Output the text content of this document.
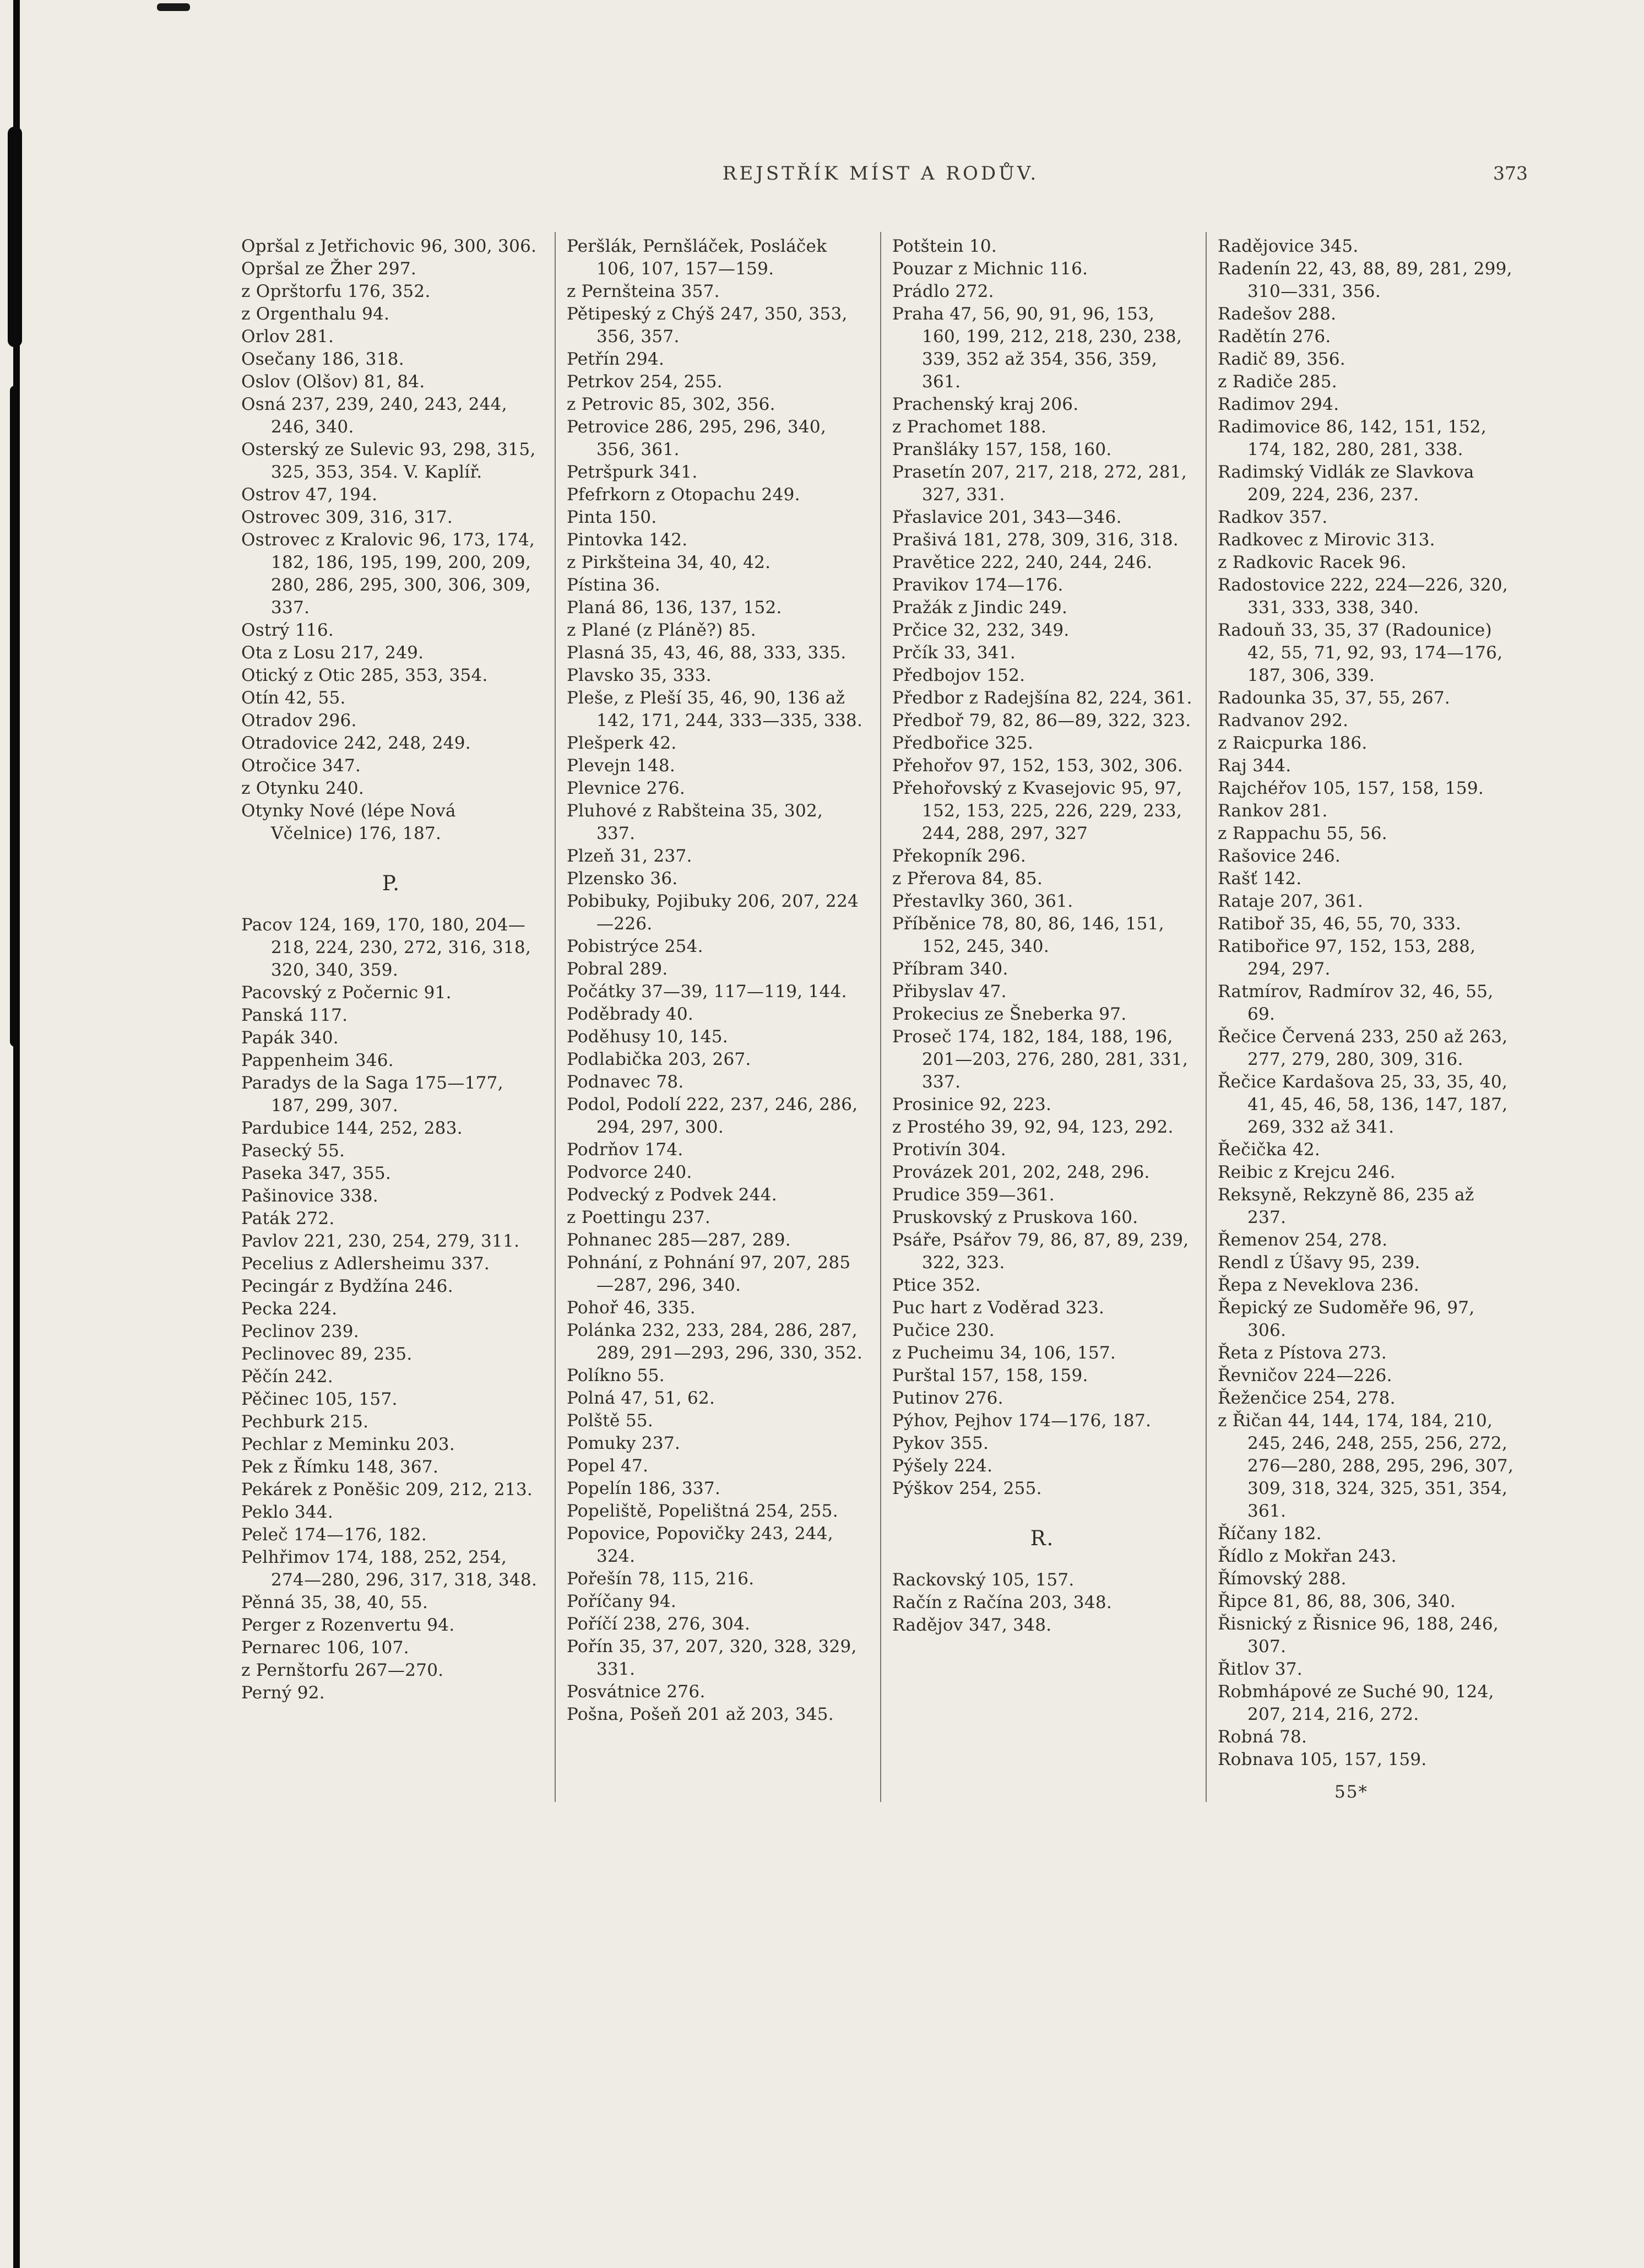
REJSTŘÍK MÍST A RODŮV.	373

Opršal z Jetřichovic 96, 300, 306.

Opršal ze Žher 297.

z Oprštorfu 176, 352.

z Orgenthalu 94.

Orlov 281.

Osečany 186, 318.

Oslov (Olšov) 81, 84.

Osná 237, 239, 240, 243, 244, 246, 340.

Osterský ze Sulevic 93, 298, 315, 325, 353, 354. V. Kaplíř.

Ostrov 47, 194.

Ostrovec 309, 316, 317.

Ostrovec z Kralovic 96, 173, 174, 182, 186, 195, 199, 200, 209, 280, 286, 295, 300, 306, 309, 337.

Ostrý 116.

Ota z Losu 217, 249.

Otický z Otic 285, 353, 354.

Otín 42, 55.

Otradov 296.

Otradovice 242, 248, 249.

Otročice 347.

z Otynku 240.

Otynky Nové (lépe Nová Včelnice) 176, 187.

P.

Pacov 124, 169, 170, 180, 204—218, 224, 230, 272, 316, 318, 320, 340, 359.

Pacovský z Počernic 91.

Panská 117.

Papák 340.

Pappenheim 346.

Paradys de la Saga 175—177, 187, 299, 307.

Pardubice 144, 252, 283.

Pasecký 55.

Paseka 347, 355.

Pašinovice 338.

Paták 272.

Pavlov 221, 230, 254, 279, 311.

Pecelius z Adlersheimu 337.

Pecingár z Bydžína 246.

Pecka 224.

Peclinov 239.

Peclinovec 89, 235.

Pěčín 242.

Pěčinec 105, 157.

Pechburk 215.

Pechlar z Meminku 203.

Pek z Římku 148, 367.

Pekárek z Poněšic 209, 212, 213.

Peklo 344.

Peleč 174—176, 182.

Pelhřimov 174, 188, 252, 254, 274—280, 296, 317, 318, 348.

Pěnná 35, 38, 40, 55.

Perger z Rozenvertu 94.

Pernarec 106, 107.

z Pernštorfu 267—270.

Perný 92.

Peršlák, Pernšláček, Posláček 106, 107, 157—159.

z Pernšteina 357.

Pětipeský z Chýš 247, 350, 353, 356, 357.

Petřín 294.

Petrkov 254, 255.

z Petrovic 85, 302, 356.

Petrovice 286, 295, 296, 340, 356, 361.

Petršpurk 341.

Pfefrkorn z Otopachu 249.

Pinta 150.

Pintovka 142.

z Pirkšteina 34, 40, 42.

Pístina 36.

Planá 86, 136, 137, 152.

z Plané (z Pláně?) 85.

Plasná 35, 43, 46, 88, 333, 335.

Plavsko 35, 333.

Pleše, z Pleší 35, 46, 90, 136 až 142, 171, 244, 333—335, 338.

Plešperk 42.

Plevejn 148.

Plevnice 276.

Pluhové z Rabšteina 35, 302, 337.

Plzeň 31, 237.

Plzensko 36.

Pobibuky, Pojibuky 206, 207, 224—226.

Pobistrýce 254.

Pobral 289.

Počátky 37—39, 117—119, 144.

Poděbrady 40.

Poděhusy 10, 145.

Podlabička 203, 267.

Podnavec 78.

Podol, Podolí 222, 237, 246, 286, 294, 297, 300.

Podrňov 174.

Podvorce 240.

Podvecký z Podvek 244.

z Poettingu 237.

Pohnanec 285—287, 289.

Pohnání, z Pohnání 97, 207, 285—287, 296, 340.

Pohoř 46, 335.

Polánka 232, 233, 284, 286, 287, 289, 291—293, 296, 330, 352.

Políkno 55.

Polná 47, 51, 62.

Polště 55.

Pomuky 237.

Popel 47.

Popelín 186, 337.

Popeliště, Popelištná 254, 255.

Popovice, Popovičky 243, 244, 324.

Pořešín 78, 115, 216.

Poříčany 94.

Poříčí 238, 276, 304.

Pořín 35, 37, 207, 320, 328, 329, 331.

Posvátnice 276.

Pošna, Pošeň 201 až 203, 345.

Potštein 10.

Pouzar z Michnic 116.

Prádlo 272.

Praha 47, 56, 90, 91, 96, 153, 160, 199, 212, 218, 230, 238, 339, 352 až 354, 356, 359, 361.

Prachenský kraj 206.

z Prachomet 188.

Pranšláky 157, 158, 160.

Prasetín 207, 217, 218, 272, 281, 327, 331.

Přaslavice 201, 343—346.

Prašivá 181, 278, 309, 316, 318.

Pravětice 222, 240, 244, 246.

Pravikov 174—176.

Pražák z Jindic 249.

Prčice 32, 232, 349.

Prčík 33, 341.

Předbojov 152.

Předbor z Radejšína 82, 224, 361.

Předboř 79, 82, 86—89, 322, 323.

Předbořice 325.

Přehořov 97, 152, 153, 302, 306.

Přehořovský z Kvasejovic 95, 97, 152, 153, 225, 226, 229, 233, 244, 288, 297, 327

Překopník 296.

z Přerova 84, 85.

Přestavlky 360, 361.

Příběnice 78, 80, 86, 146, 151, 152, 245, 340.

Příbram 340.

Přibyslav 47.

Prokecius ze Šneberka 97.

Proseč 174, 182, 184, 188, 196, 201—203, 276, 280, 281, 331, 337.

Prosinice 92, 223.

z Prostého 39, 92, 94, 123, 292.

Protivín 304.

Provázek 201, 202, 248, 296.

Prudice 359—361.

Pruskovský z Pruskova 160.

Psáře, Psářov 79, 86, 87, 89, 239, 322, 323.

Ptice 352.

Puc hart z Voděrad 323.

Pučice 230.

z Pucheimu 34, 106, 157.

Purštal 157, 158, 159.

Putinov 276.

Pýhov, Pejhov 174—176, 187.

Pykov 355.

Pýšely 224.

Pýškov 254, 255.

R.

Rackovský 105, 157.

Račín z Račína 203, 348.

Radějov 347, 348.

Radějovice 345.

Radenín 22, 43, 88, 89, 281, 299, 310—331, 356.

Radešov 288.

Radětín 276.

Radič 89, 356.

z Radiče 285.

Radimov 294.

Radimovice 86, 142, 151, 152, 174, 182, 280, 281, 338.

Radimský Vidlák ze Slavkova 209, 224, 236, 237.

Radkov 357.

Radkovec z Mirovic 313.

z Radkovic Racek 96.

Radostovice 222, 224—226, 320, 331, 333, 338, 340.

Radouň 33, 35, 37 (Radounice) 42, 55, 71, 92, 93, 174—176, 187, 306, 339.

Radounka 35, 37, 55, 267.

Radvanov 292.

z Raicpurka 186.

Raj 344.

Rajchéřov 105, 157, 158, 159.

Rankov 281.

z Rappachu 55, 56.

Rašovice 246.

Rašť 142.

Rataje 207, 361.

Ratiboř 35, 46, 55, 70, 333.

Ratibořice 97, 152, 153, 288, 294, 297.

Ratmírov, Radmírov 32, 46, 55, 69.

Řečice Červená 233, 250 až 263, 277, 279, 280, 309, 316.

Řečice Kardašova 25, 33, 35, 40, 41, 45, 46, 58, 136, 147, 187, 269, 332 až 341.

Řečička 42.

Reibic z Krejcu 246.

Reksyně, Rekzyně 86, 235 až 237.

Řemenov 254, 278.

Rendl z Úšavy 95, 239.

Řepa z Neveklova 236.

Řepický ze Sudoměře 96, 97, 306.

Řeta z Pístova 273.

Řevničov 224—226.

Řeženčice 254, 278.

z Řičan 44, 144, 174, 184, 210, 245, 246, 248, 255, 256, 272, 276—280, 288, 295, 296, 307, 309, 318, 324, 325, 351, 354, 361.

Říčany 182.

Řídlo z Mokřan 243.

Římovský 288.

Řipce 81, 86, 88, 306, 340.

Řisnický z Řisnice 96, 188, 246, 307.

Řitlov 37.

Robmhápové ze Suché 90, 124, 207, 214, 216, 272.

Robná 78.

Robnava 105, 157, 159.

55*
